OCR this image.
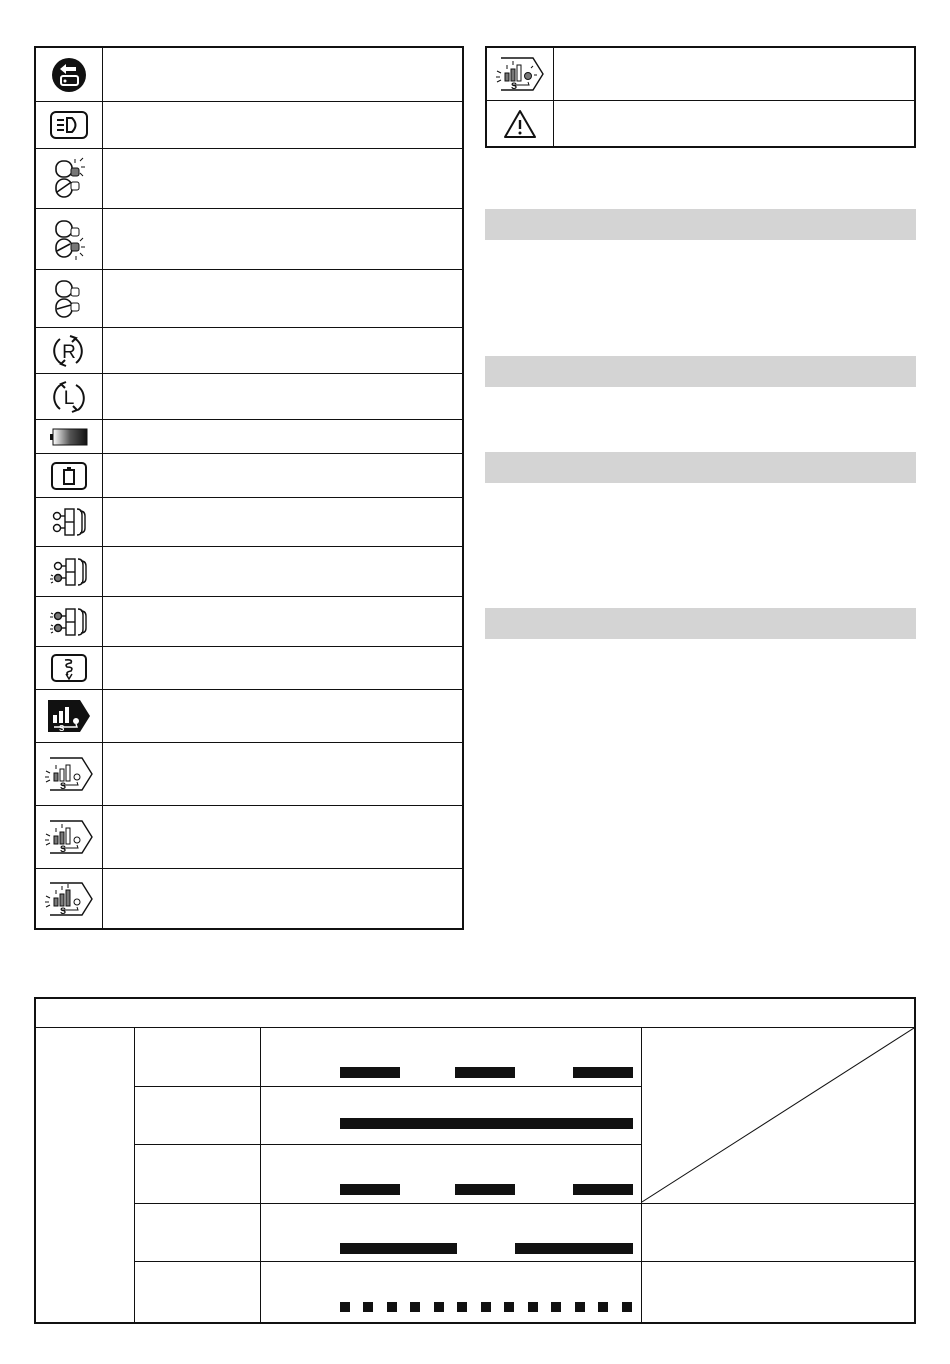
R
L
S
S
S
S
S
